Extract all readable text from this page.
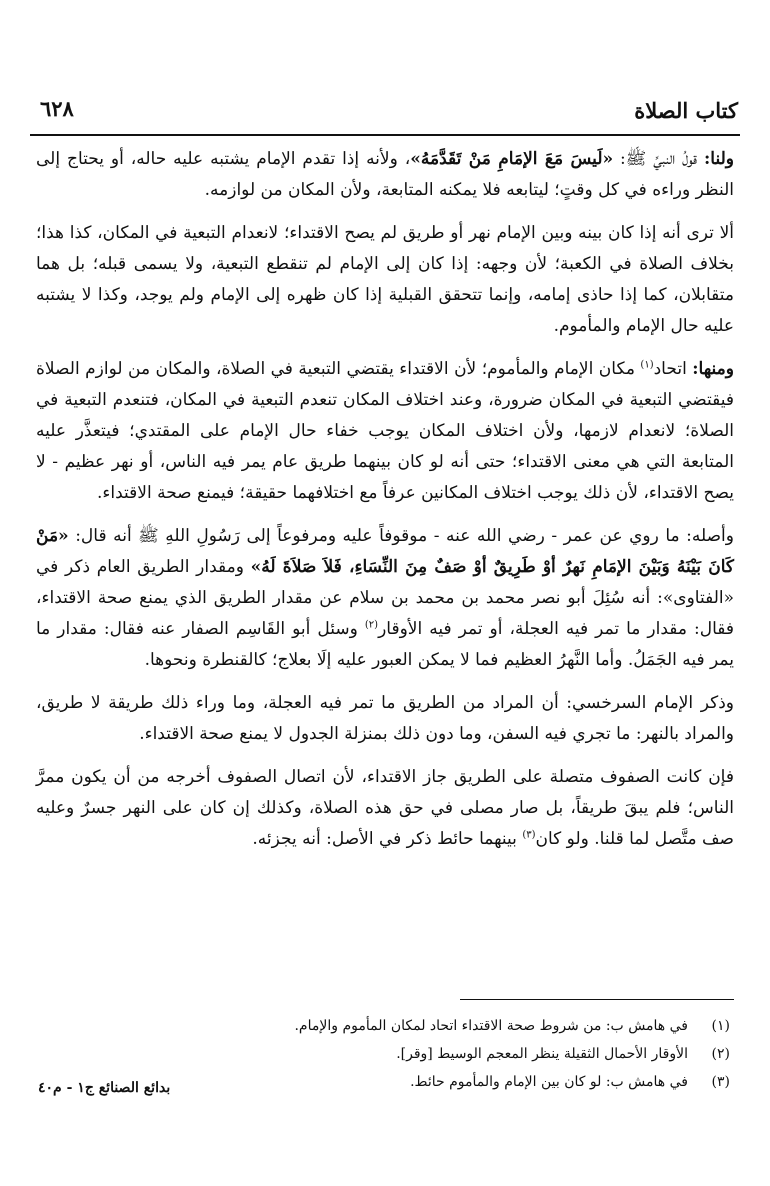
كتاب الصلاة
٦٢٨

ولنا: قولُ النبيِّ ﷺ: «لَيسَ مَعَ الإمَامِ مَنْ تَقَدَّمَهُ»، ولأنه إذا تقدم الإمام يشتبه عليه حاله، أو يحتاج إلى النظر وراءه في كل وقتٍ؛ ليتابعه فلا يمكنه المتابعة، ولأن المكان من لوازمه.

ألا ترى أنه إذا كان بينه وبين الإمام نهر أو طريق لم يصح الاقتداء؛ لانعدام التبعية في المكان، كذا هذا؛ بخلاف الصلاة في الكعبة؛ لأن وجهه: إذا كان إلى الإمام لم تنقطع التبعية، ولا يسمى قبله؛ بل هما متقابلان، كما إذا حاذى إمامه، وإنما تتحقق القبلية إذا كان ظهره إلى الإمام ولم يوجد، وكذا لا يشتبه عليه حال الإمام والمأموم.

ومنها: اتحاد$^{(١)}$ مكان الإمام والمأموم؛ لأن الاقتداء يقتضي التبعية في الصلاة، والمكان من لوازم الصلاة فيقتضي التبعية في المكان ضرورة، وعند اختلاف المكان تنعدم التبعية في المكان، فتنعدم التبعية في الصلاة؛ لانعدام لازمها، ولأن اختلاف المكان يوجب خفاء حال الإمام على المقتدي؛ فيتعذَّر عليه المتابعة التي هي معنى الاقتداء؛ حتى أنه لو كان بينهما طريق عام يمر فيه الناس، أو نهر عظيم - لا يصح الاقتداء، لأن ذلك يوجب اختلاف المكانين عرفاً مع اختلافهما حقيقة؛ فيمنع صحة الاقتداء.

وأصله: ما روي عن عمر - رضي الله عنه - موقوفاً عليه ومرفوعاً إلى رَسُولِ اللهِ ﷺ أنه قال: «مَنْ كَانَ بَيْنَهُ وَبَيْنَ الإمَامِ نَهرٌ أوْ طَرِيقٌ أوْ صَفٌ مِنَ النِّسَاءِ، فَلاَ صَلاَةَ لَهُ» ومقدار الطريق العام ذكر في «الفتاوى»: أنه سُئِلَ أبو نصر محمد بن محمد بن سلام عن مقدار الطريق الذي يمنع صحة الاقتداء، فقال: مقدار ما تمر فيه العجلة، أو تمر فيه الأوقار$^{(٢)}$ وسئل أبو القَاسِم الصفار عنه فقال: مقدار ما يمر فيه الجَمَلُ. وأما النَّهرُ العظيم فما لا يمكن العبور عليه إلَا بعلاج؛ كالقنطرة ونحوها.

وذكر الإمام السرخسي: أن المراد من الطريق ما تمر فيه العجلة، وما وراء ذلك طريقة لا طريق، والمراد بالنهر: ما تجري فيه السفن، وما دون ذلك بمنزلة الجدول لا يمنع صحة الاقتداء.

فإن كانت الصفوف متصلة على الطريق جاز الاقتداء، لأن اتصال الصفوف أخرجه من أن يكون ممرَّ الناس؛ فلم يبقَ طريقاً، بل صار مصلى في حق هذه الصلاة، وكذلك إن كان على النهر جسرٌ وعليه صف متَّصل لما قلنا. ولو كان$^{(٣)}$ بينهما حائط ذكر في الأصل: أنه يجزئه.

(١)
في هامش ب: من شروط صحة الاقتداء اتحاد لمكان المأموم والإمام.
(٢)
الأوقار الأحمال الثقيلة ينظر المعجم الوسيط [وقر].
(٣)
في هامش ب: لو كان بين الإمام والمأموم حائط.
بدائع الصنائع ج١ - م٤٠
